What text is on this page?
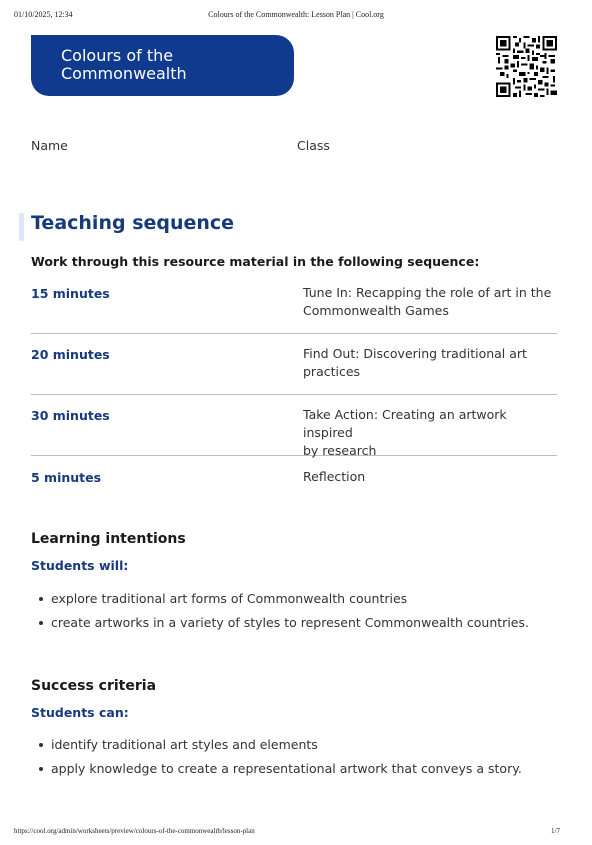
01/10/2025, 12:34	Colours of the Commonwealth: Lesson Plan | Cool.org
Colours of the
Commonwealth
Name	Class
Teaching sequence
Work through this resource material in the following sequence:
15 minutes	Tune In: Recapping the role of art in the
Commonwealth Games
20 minutes	Find Out: Discovering traditional art
practices
30 minutes	Take Action: Creating an artwork inspired
by research
5 minutes	Reflection
Learning intentions
Students will:
explore traditional art forms of Commonwealth countries
create artworks in a variety of styles to represent Commonwealth countries.
Success criteria
Students can:
identify traditional art styles and elements
apply knowledge to create a representational artwork that conveys a story.
https://cool.org/admin/worksheets/preview/colours-of-the-commonwealth/lesson-plan	1/7
